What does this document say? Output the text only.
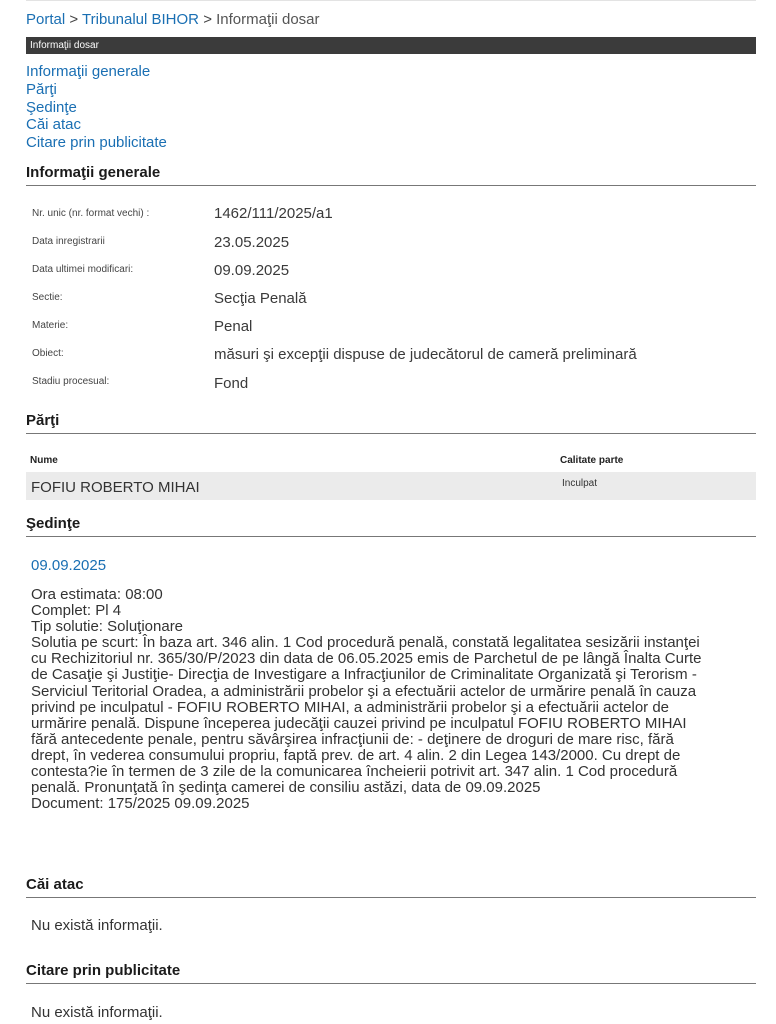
Portal > Tribunalul BIHOR > Informaţii dosar
Informaţii dosar
Informaţii generale
Părţi
Şedinţe
Căi atac
Citare prin publicitate
Informaţii generale
Nr. unic (nr. format vechi) :	1462/111/2025/a1
Data inregistrarii	23.05.2025
Data ultimei modificari:	09.09.2025
Sectie:	Secţia Penală
Materie:	Penal
Obiect:	măsuri şi excepţii dispuse de judecătorul de cameră preliminară
Stadiu procesual:	Fond
Părţi
Nume	Calitate parte
FOFIU ROBERTO MIHAI	Inculpat
Şedinţe
09.09.2025
Ora estimata: 08:00
Complet: Pl 4
Tip solutie: Soluţionare
Solutia pe scurt: În baza art. 346 alin. 1 Cod procedură penală, constată legalitatea sesizării instanţei
cu Rechizitoriul nr. 365/30/P/2023 din data de 06.05.2025 emis de Parchetul de pe lângă Înalta Curte
de Casaţie şi Justiţie- Direcţia de Investigare a Infracţiunilor de Criminalitate Organizată şi Terorism -
Serviciul Teritorial Oradea, a administrării probelor şi a efectuării actelor de urmărire penală în cauza
privind pe inculpatul - FOFIU ROBERTO MIHAI, a administrării probelor şi a efectuării actelor de
urmărire penală. Dispune începerea judecăţii cauzei privind pe inculpatul FOFIU ROBERTO MIHAI
fără antecedente penale, pentru săvârşirea infracţiunii de: - deţinere de droguri de mare risc, fără
drept, în vederea consumului propriu, faptă prev. de art. 4 alin. 2 din Legea 143/2000. Cu drept de
contesta?ie în termen de 3 zile de la comunicarea încheierii potrivit art. 347 alin. 1 Cod procedură
penală. Pronunţată în şedinţa camerei de consiliu astăzi, data de 09.09.2025
Document: 175/2025 09.09.2025
Căi atac
Nu există informaţii.
Citare prin publicitate
Nu există informaţii.
